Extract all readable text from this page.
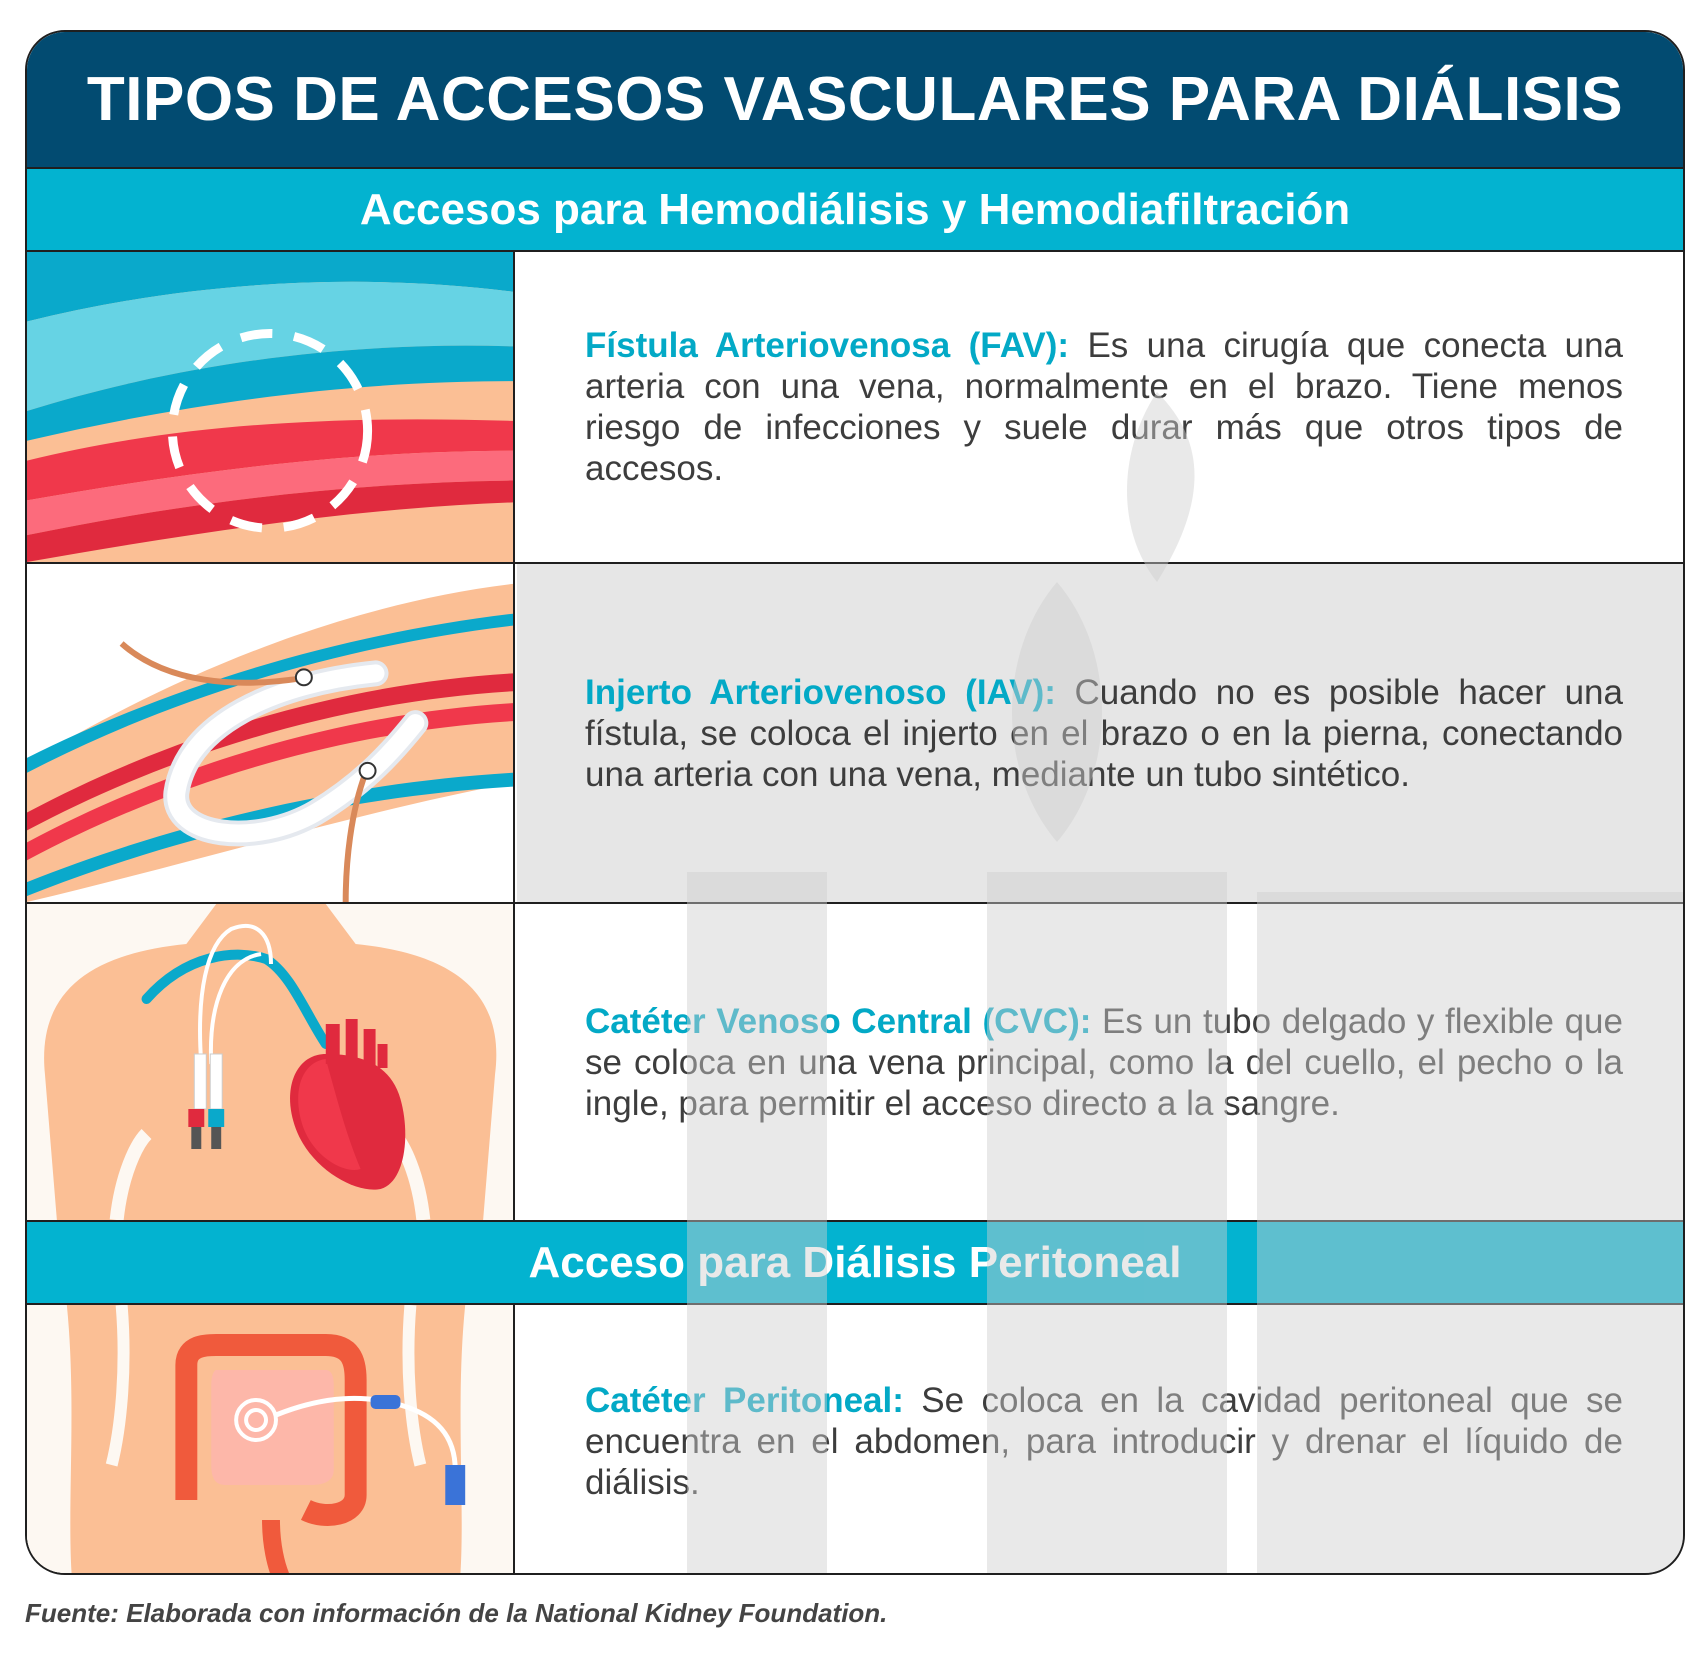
TIPOS DE ACCESOS VASCULARES PARA DIÁLISIS
Accesos para Hemodiálisis y Hemodiafiltración

Fístula Arteriovenosa (FAV): Es una cirugía que conecta una arteria con una vena, normalmente en el brazo. Tiene menos riesgo de infecciones y suele durar más que otros tipos de accesos.

Injerto Arteriovenoso (IAV): Cuando no es posible hacer una fístula, se coloca el injerto en el brazo o en la pierna, conectando una arteria con una vena, mediante un tubo sintético.

Catéter Venoso Central (CVC): Es un tubo delgado y flexible que se coloca en una vena principal, como la del cuello, el pecho o la ingle, para permitir el acceso directo a la sangre.

Acceso para Diálisis Peritoneal

Catéter Peritoneal: Se coloca en la cavidad peritoneal que se encuentra en el abdomen, para introducir y drenar el líquido de diálisis.

Fuente: Elaborada con información de la National Kidney Foundation.
